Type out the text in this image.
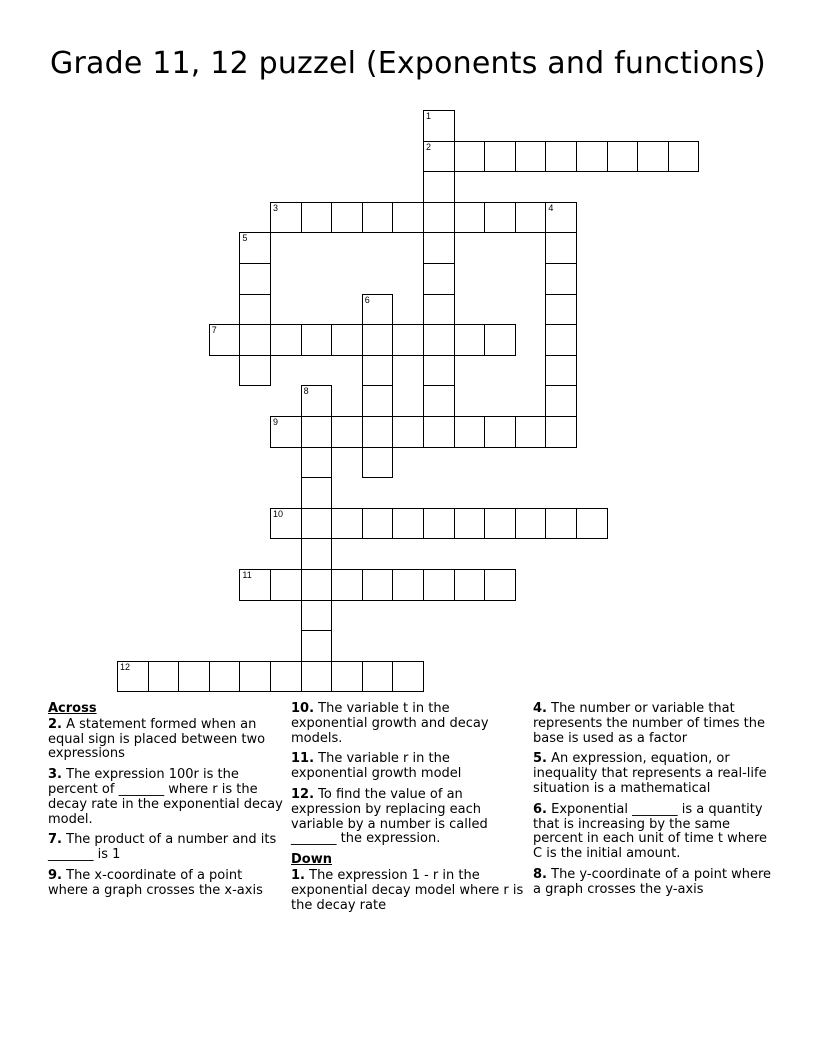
Grade 11, 12 puzzel (Exponents and functions)
1
2
3	4
5
6
7
8
9
10
11
12
Across
2. A statement formed when an equal sign is placed between two expressions
3. The expression 100r is the percent of _______ where r is the decay rate in the exponential decay model.
7. The product of a number and its _______ is 1
9. The x-coordinate of a point where a graph crosses the x-axis
10. The variable t in the exponential growth and decay models.
11. The variable r in the exponential growth model
12. To find the value of an expression by replacing each variable by a number is called _______ the expression.
Down
1. The expression 1 - r in the exponential decay model where r is the decay rate
4. The number or variable that represents the number of times the base is used as a factor
5. An expression, equation, or inequality that represents a real-life situation is a mathematical
6. Exponential _______ is a quantity that is increasing by the same percent in each unit of time t where C is the initial amount.
8. The y-coordinate of a point where a graph crosses the y-axis
